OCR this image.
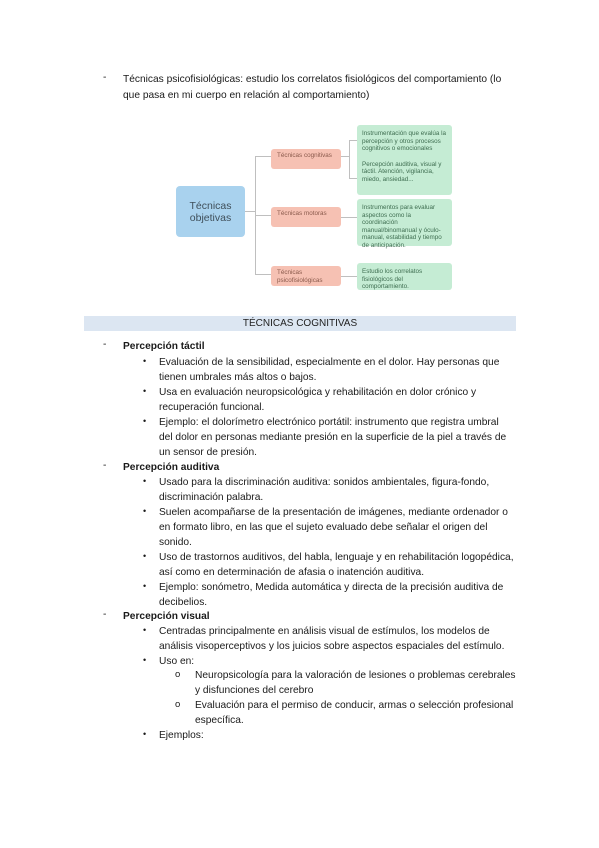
- Técnicas psicofisiológicas: estudio los correlatos fisiológicos del comportamiento (lo
que pasa en mi cuerpo en relación al comportamiento)
Técnicas objetivas
Técnicas cognitivas
Técnicas motoras
Técnicas psicofisiológicas
Instrumentación que evalúa la percepción y otros procesos cognitivos o emocionales
Percepción auditiva, visual y táctil. Atención, vigilancia, miedo, ansiedad...
Instrumentos para evaluar aspectos como la coordinación manual/binomanual y óculo-manual, estabilidad y tiempo de anticipación.
Estudio los correlatos fisiológicos del comportamiento.
TÉCNICAS COGNITIVAS
- Percepción táctil
• Evaluación de la sensibilidad, especialmente en el dolor. Hay personas que
tienen umbrales más altos o bajos.
• Usa en evaluación neuropsicológica y rehabilitación en dolor crónico y
recuperación funcional.
• Ejemplo: el dolorímetro electrónico portátil: instrumento que registra umbral
del dolor en personas mediante presión en la superficie de la piel a través de
un sensor de presión.
- Percepción auditiva
• Usado para la discriminación auditiva: sonidos ambientales, figura-fondo,
discriminación palabra.
• Suelen acompañarse de la presentación de imágenes, mediante ordenador o
en formato libro, en las que el sujeto evaluado debe señalar el origen del
sonido.
• Uso de trastornos auditivos, del habla, lenguaje y en rehabilitación logopédica,
así como en determinación de afasia o inatención auditiva.
• Ejemplo: sonómetro, Medida automática y directa de la precisión auditiva de
decibelios.
- Percepción visual
• Centradas principalmente en análisis visual de estímulos, los modelos de
análisis visoperceptivos y los juicios sobre aspectos espaciales del estímulo.
• Uso en:
o Neuropsicología para la valoración de lesiones o problemas cerebrales
y disfunciones del cerebro
o Evaluación para el permiso de conducir, armas o selección profesional
específica.
• Ejemplos:
